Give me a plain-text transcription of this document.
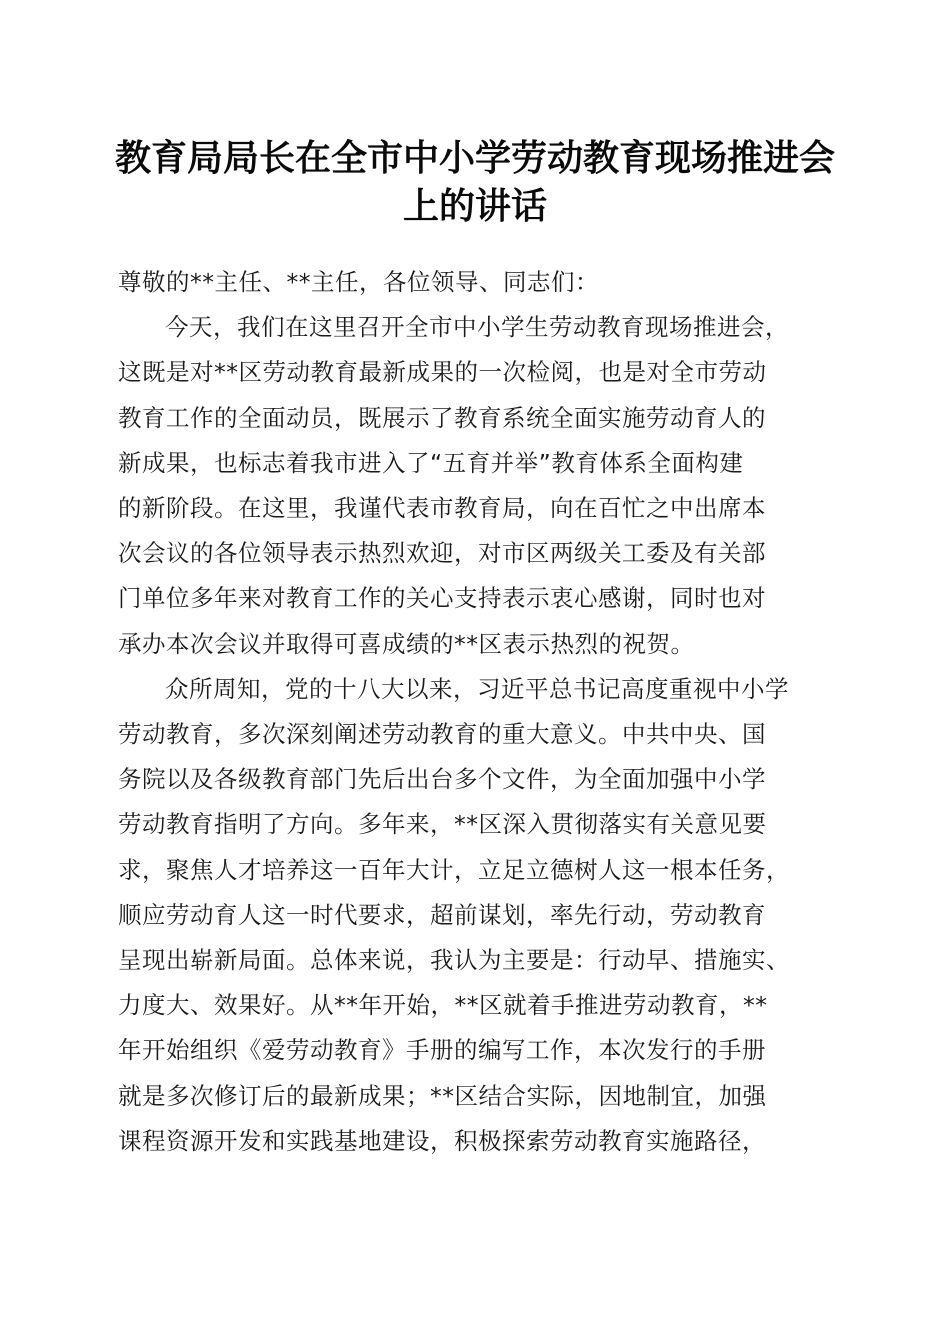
教育局局长在全市中小学劳动教育现场推进会
上的讲话

尊敬的**主任、**主任，各位领导、同志们：

今天，我们在这里召开全市中小学生劳动教育现场推进会，
这既是对**区劳动教育最新成果的一次检阅，也是对全市劳动
教育工作的全面动员，既展示了教育系统全面实施劳动育人的
新成果，也标志着我市进入了“五育并举”教育体系全面构建
的新阶段。在这里，我谨代表市教育局，向在百忙之中出席本
次会议的各位领导表示热烈欢迎，对市区两级关工委及有关部
门单位多年来对教育工作的关心支持表示衷心感谢，同时也对
承办本次会议并取得可喜成绩的**区表示热烈的祝贺。

众所周知，党的十八大以来，习近平总书记高度重视中小学
劳动教育，多次深刻阐述劳动教育的重大意义。中共中央、国
务院以及各级教育部门先后出台多个文件，为全面加强中小学
劳动教育指明了方向。多年来，**区深入贯彻落实有关意见要
求，聚焦人才培养这一百年大计，立足立德树人这一根本任务，
顺应劳动育人这一时代要求，超前谋划，率先行动，劳动教育
呈现出崭新局面。总体来说，我认为主要是：行动早、措施实、
力度大、效果好。从**年开始，**区就着手推进劳动教育，**
年开始组织《爱劳动教育》手册的编写工作，本次发行的手册
就是多次修订后的最新成果；**区结合实际，因地制宜，加强
课程资源开发和实践基地建设，积极探索劳动教育实施路径，
